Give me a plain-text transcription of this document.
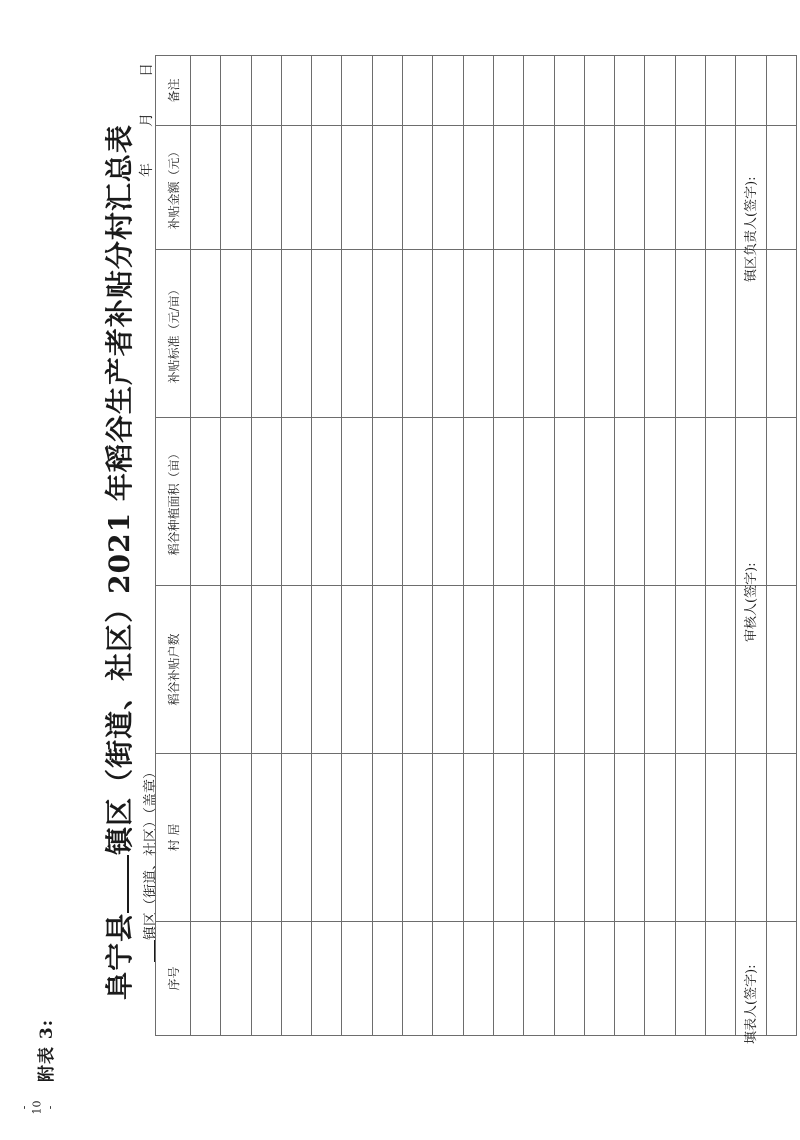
附表 3:
阜宁县镇区（街道、社区）2021 年稻谷生产者补贴分村汇总表 镇区（街道、社区）（盖章）
年月日
序号	村 居	稻谷补贴户数	稻谷种植面积（亩）	补贴标准（元/亩）	补贴金额（元）	备注

填表人(签字):
审核人(签字):
镇区负责人(签字):
- 10 -
